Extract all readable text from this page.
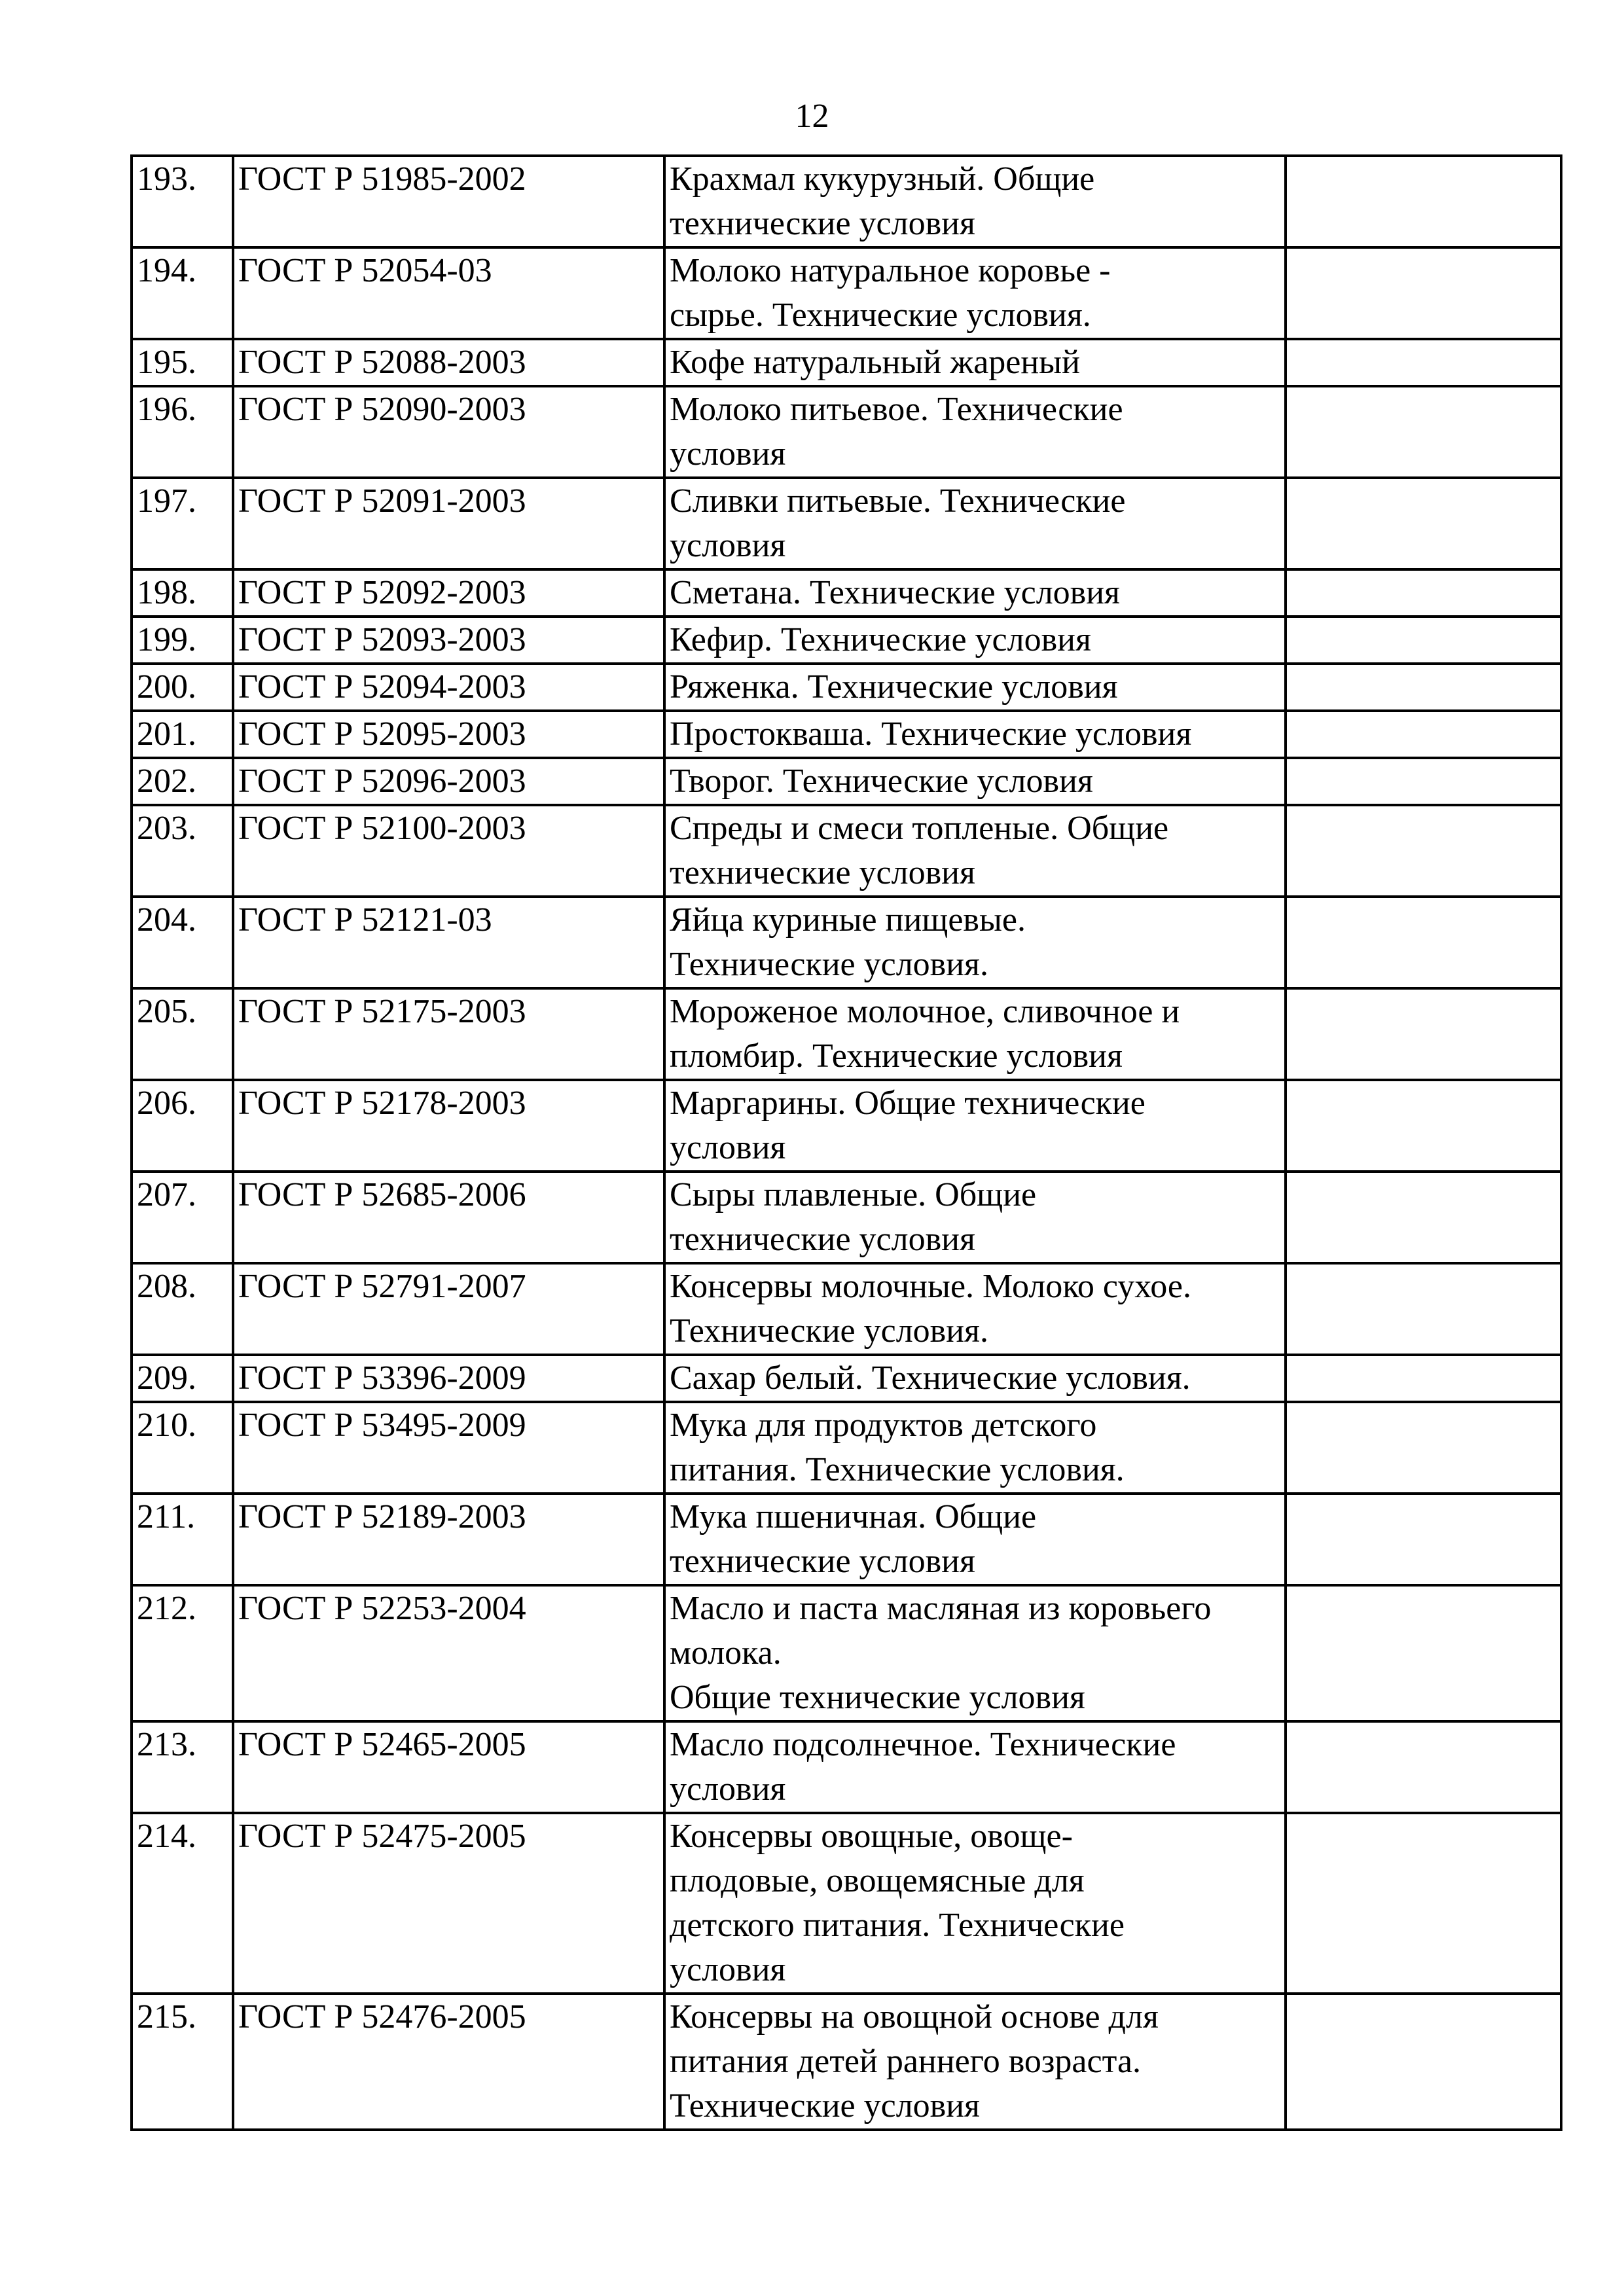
12
193.	ГОСТ Р 51985-2002	Крахмал кукурузный. Общие
технические условия	
194.	ГОСТ Р 52054-03	Молоко натуральное коровье -
сырье. Технические условия.	
195.	ГОСТ Р 52088-2003	Кофе натуральный жареный	
196.	ГОСТ Р 52090-2003	Молоко питьевое. Технические
условия	
197.	ГОСТ Р 52091-2003	Сливки питьевые. Технические
условия	
198.	ГОСТ Р 52092-2003	Сметана. Технические условия	
199.	ГОСТ Р 52093-2003	Кефир. Технические условия	
200.	ГОСТ Р 52094-2003	Ряженка. Технические условия	
201.	ГОСТ Р 52095-2003	Простокваша. Технические условия	
202.	ГОСТ Р 52096-2003	Творог. Технические условия	
203.	ГОСТ Р 52100-2003	Спреды и смеси топленые. Общие
технические условия	
204.	ГОСТ Р 52121-03	Яйца куриные пищевые.
Технические условия.	
205.	ГОСТ Р 52175-2003	Мороженое молочное, сливочное и
пломбир. Технические условия	
206.	ГОСТ Р 52178-2003	Маргарины. Общие технические
условия	
207.	ГОСТ Р 52685-2006	Сыры плавленые. Общие
технические условия	
208.	ГОСТ Р 52791-2007	Консервы молочные. Молоко сухое.
Технические условия.	
209.	ГОСТ Р 53396-2009	Сахар белый. Технические условия.	
210.	ГОСТ Р 53495-2009	Мука для продуктов детского
питания. Технические условия.	
211.	ГОСТ Р 52189-2003	Мука пшеничная. Общие
технические условия	
212.	ГОСТ Р 52253-2004	Масло и паста масляная из коровьего
молока.
Общие технические условия	
213.	ГОСТ Р 52465-2005	Масло подсолнечное. Технические
условия	
214.	ГОСТ Р 52475-2005	Консервы овощные, овоще-
плодовые, овощемясные для
детского питания. Технические
условия	
215.	ГОСТ Р 52476-2005	Консервы на овощной основе для
питания детей раннего возраста.
Технические условия	
